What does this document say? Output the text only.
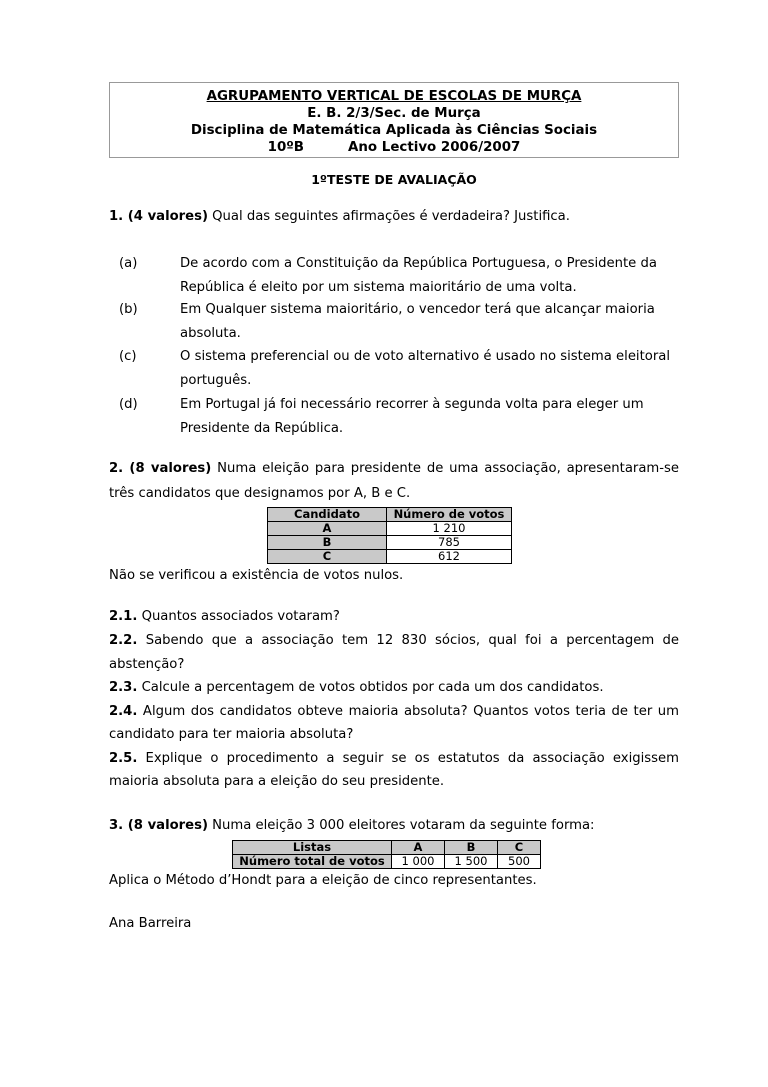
AGRUPAMENTO VERTICAL DE ESCOLAS DE MURÇA
E. B. 2/3/Sec. de Murça
Disciplina de Matemática Aplicada às Ciências Sociais
10ºB	Ano Lectivo 2006/2007
1ºTESTE DE AVALIAÇÃO
1. (4 valores) Qual das seguintes afirmações é verdadeira? Justifica.
(a)	De acordo com a Constituição da República Portuguesa, o Presidente da
República é eleito por um sistema maioritário de uma volta.
(b)	Em Qualquer sistema maioritário, o vencedor terá que alcançar maioria
absoluta.
(c)	O sistema preferencial ou de voto alternativo é usado no sistema eleitoral
português.
(d)	Em Portugal já foi necessário recorrer à segunda volta para eleger um
Presidente da República.
2. (8 valores) Numa eleição para presidente de uma associação, apresentaram-se
três candidatos que designamos por A, B e C.
Candidato	Número de votos
A	1 210
B	785
C	612
Não se verificou a existência de votos nulos.
2.1. Quantos associados votaram?
2.2. Sabendo que a associação tem 12 830 sócios, qual foi a percentagem de
abstenção?
2.3. Calcule a percentagem de votos obtidos por cada um dos candidatos.
2.4. Algum dos candidatos obteve maioria absoluta? Quantos votos teria de ter um
candidato para ter maioria absoluta?
2.5. Explique o procedimento a seguir se os estatutos da associação exigissem
maioria absoluta para a eleição do seu presidente.
3. (8 valores) Numa eleição 3 000 eleitores votaram da seguinte forma:
Listas	A	B	C
Número total de votos	1 000	1 500	500
Aplica o Método d’Hondt para a eleição de cinco representantes.
Ana Barreira
